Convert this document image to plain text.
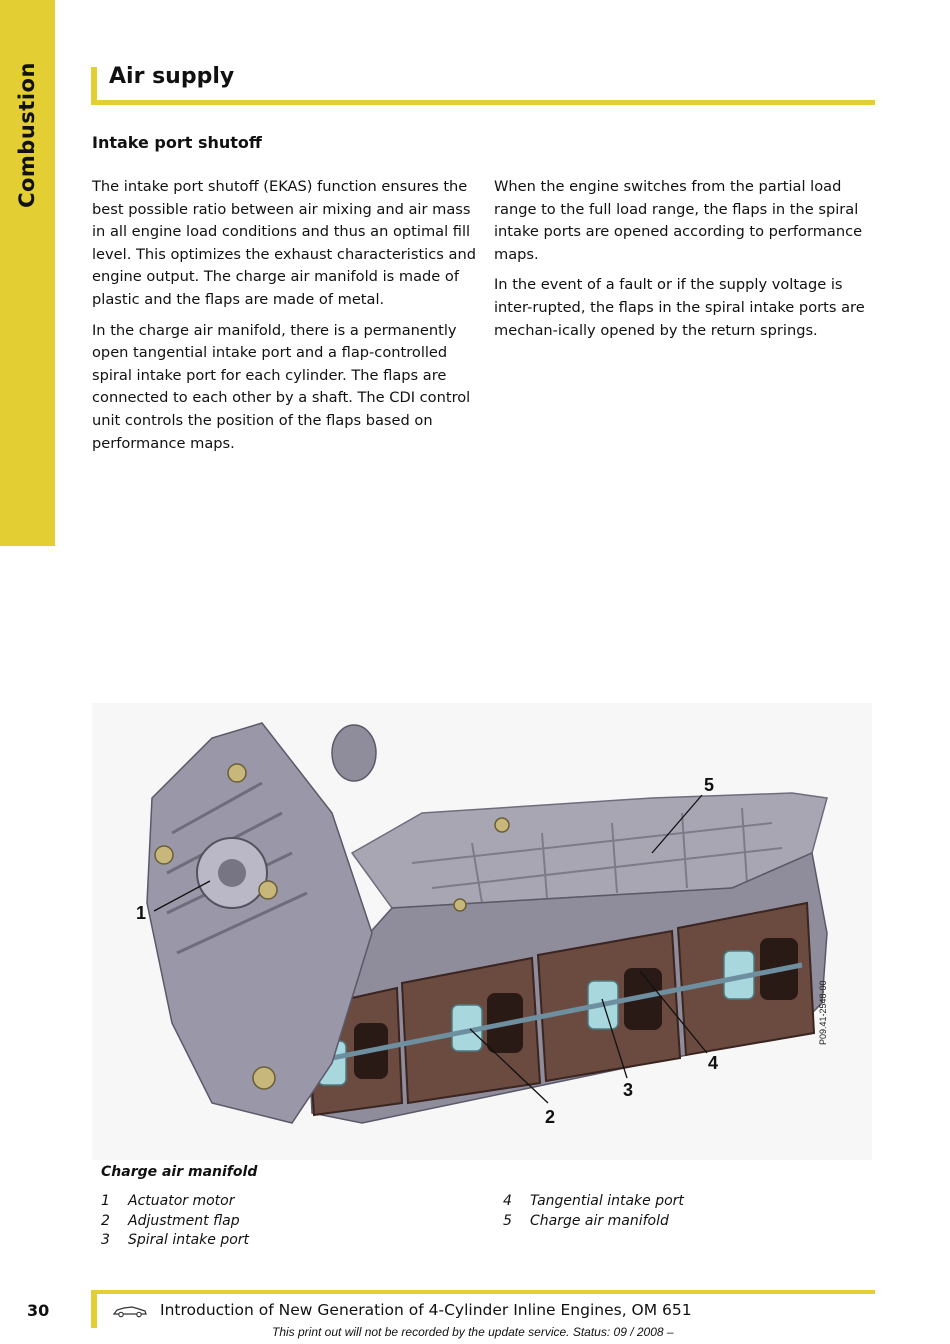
Combustion	Air supply
Intake port shutoff

The intake port shutoff (EKAS) function ensures the best possible ratio between air mixing and air mass in all engine load conditions and thus an optimal fill level. This optimizes the exhaust characteristics and engine output. The charge air manifold is made of plastic and the flaps are made of metal.

In the charge air manifold, there is a permanently open tangential intake port and a flap-controlled spiral intake port for each cylinder. The flaps are connected to each other by a shaft. The CDI control unit controls the position of the flaps based on performance maps.

When the engine switches from the partial load range to the full load range, the flaps in the spiral intake ports are opened according to performance maps.

In the event of a fault or if the supply voltage is inter-rupted, the flaps in the spiral intake ports are mechan-ically opened by the return springs.

1
2
3
4
5
P09.41-2548-00
Charge air manifold
1	Actuator motor
2	Adjustment flap
3	Spiral intake port
4	Tangential intake port
5	Charge air manifold
30	Introduction of New Generation of 4-Cylinder Inline Engines, OM 651
This print out will not be recorded by the update service. Status: 09 / 2008 –
